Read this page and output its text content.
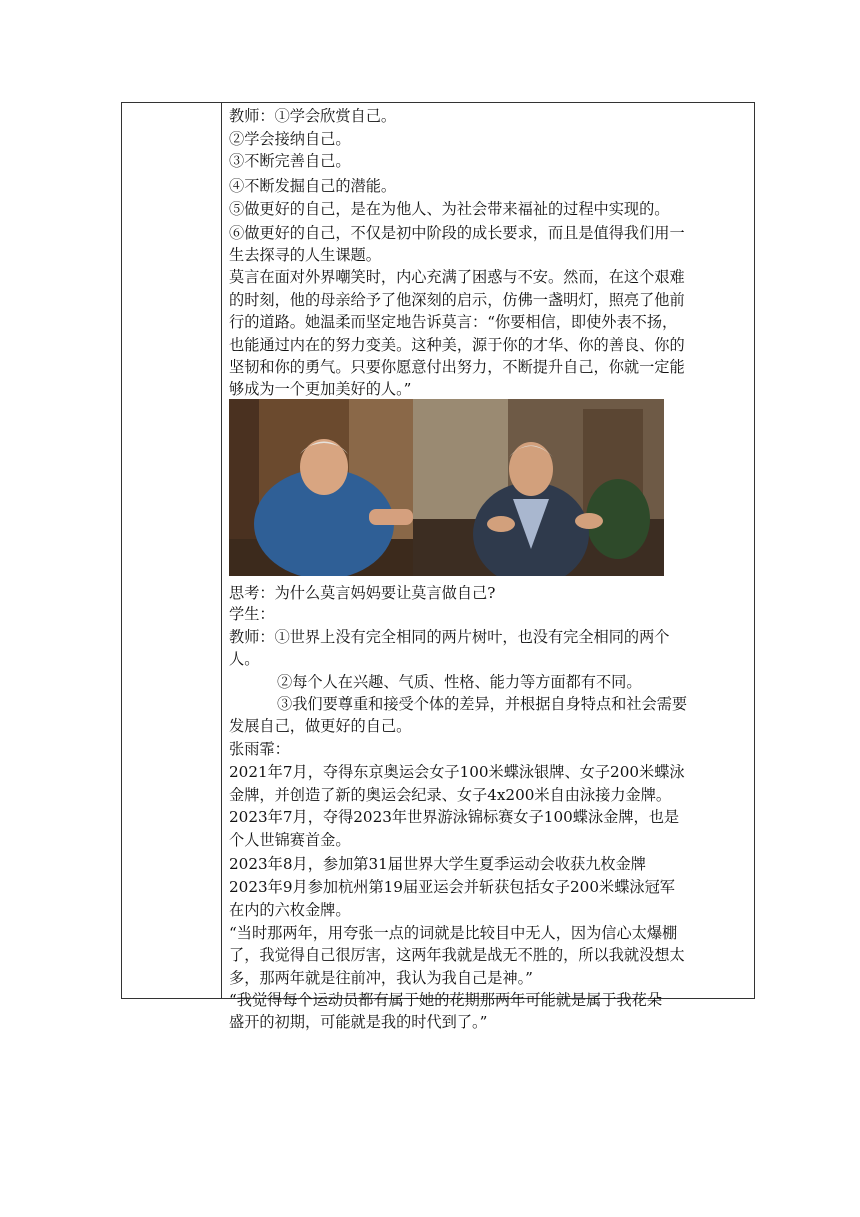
教师：①学会欣赏自己。
②学会接纳自己。
③不断完善自己。
④不断发掘自己的潜能。
⑤做更好的自己，是在为他人、为社会带来福祉的过程中实现的。
⑥做更好的自己，不仅是初中阶段的成长要求，而且是值得我们用一
生去探寻的人生课题。
莫言在面对外界嘲笑时，内心充满了困惑与不安。然而，在这个艰难
的时刻，他的母亲给予了他深刻的启示，仿佛一盏明灯，照亮了他前
行的道路。她温柔而坚定地告诉莫言：“你要相信，即使外表不扬，
也能通过内在的努力变美。这种美，源于你的才华、你的善良、你的
坚韧和你的勇气。只要你愿意付出努力，不断提升自己，你就一定能
够成为一个更加美好的人。”
思考：为什么莫言妈妈要让莫言做自己?
学生：
教师：①世界上没有完全相同的两片树叶，也没有完全相同的两个
人。
②每个人在兴趣、气质、性格、能力等方面都有不同。
③我们要尊重和接受个体的差异，并根据自身特点和社会需要
发展自己，做更好的自己。
张雨霏：
2021年7月，夺得东京奥运会女子100米蝶泳银牌、女子200米蝶泳
金牌，并创造了新的奥运会纪录、女子4x200米自由泳接力金牌。
2023年7月，夺得2023年世界游泳锦标赛女子100蝶泳金牌，也是
个人世锦赛首金。
2023年8月，参加第31届世界大学生夏季运动会收获九枚金牌
2023年9月参加杭州第19届亚运会并斩获包括女子200米蝶泳冠军
在内的六枚金牌。
“当时那两年，用夸张一点的词就是比较目中无人，因为信心太爆棚
了，我觉得自己很厉害，这两年我就是战无不胜的，所以我就没想太
多，那两年就是往前冲，我认为我自己是神。”
“我觉得每个运动员都有属于她的花期那两年可能就是属于我花朵
盛开的初期，可能就是我的时代到了。”
